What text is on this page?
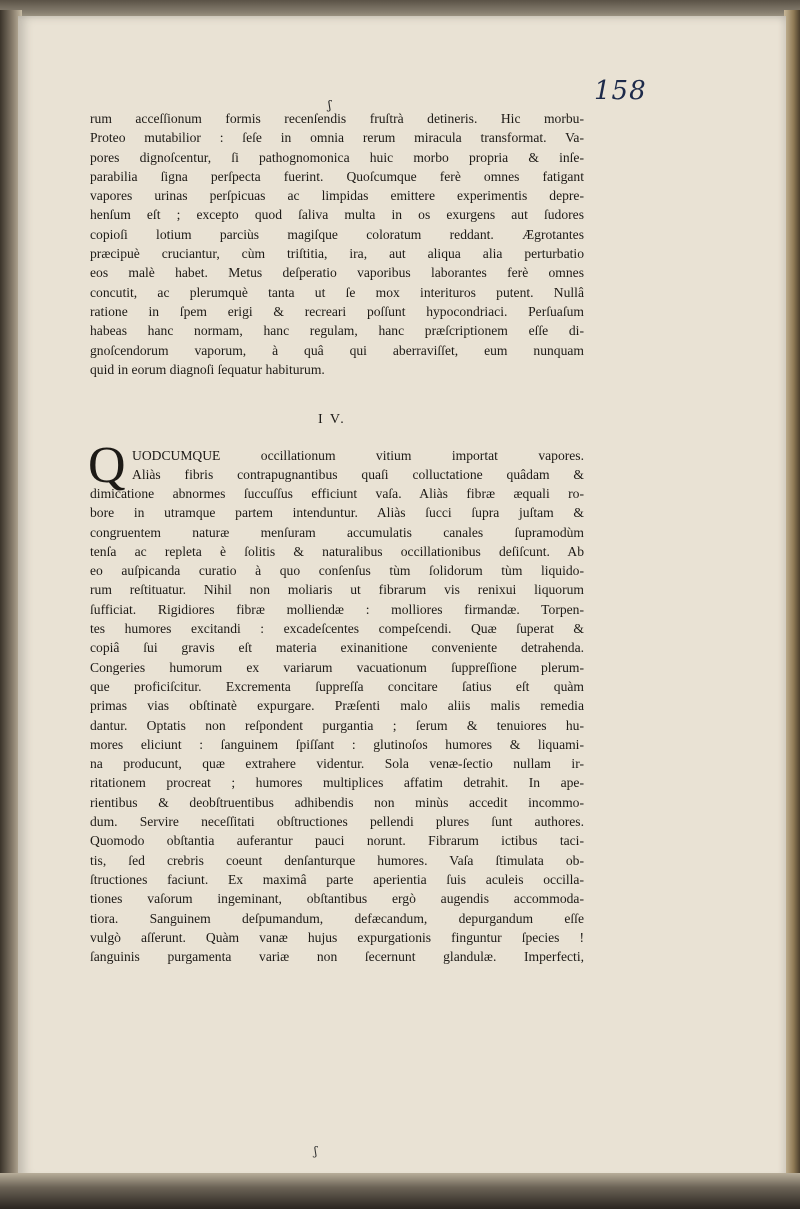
158
ʃ
rum acceſſionum formis recenſendis fruſtrà detineris. Hic morbu-
Proteo mutabilior : ſeſe in omnia rerum miracula transformat. Va-
pores dignoſcentur, ſi pathognomonica huic morbo propria & inſe-
parabilia ſigna perſpecta fuerint. Quoſcumque ferè omnes fatigant
vapores urinas perſpicuas ac limpidas emittere experimentis depre-
henſum eſt ; excepto quod ſaliva multa in os exurgens aut ſudores
copioſi lotium parciùs magiſque coloratum reddant. Ægrotantes
præcipuè cruciantur, cùm triſtitia, ira, aut aliqua alia perturbatio
eos malè habet. Metus deſperatio vaporibus laborantes ferè omnes
concutit, ac plerumquè tanta ut ſe mox interituros putent. Nullâ
ratione in ſpem erigi & recreari poſſunt hypocondriaci. Perſuaſum
habeas hanc normam, hanc regulam, hanc præſcriptionem eſſe di-
gnoſcendorum vaporum, à quâ qui aberraviſſet, eum nunquam
quid in eorum diagnoſi ſequatur habiturum.
I V.
Q UODCUMQUE occillationum vitium importat vapores.
Aliàs fibris contrapugnantibus quaſi colluctatione quâdam &
dimicatione abnormes ſuccuſſus efficiunt vaſa. Aliàs fibræ æquali ro-
bore in utramque partem intenduntur. Aliàs ſucci ſupra juſtam &
congruentem naturæ menſuram accumulatis canales ſupramodùm
tenſa ac repleta è ſolitis & naturalibus occillationibus deſiſcunt. Ab
eo auſpicanda curatio à quo conſenſus tùm ſolidorum tùm liquido-
rum reſtituatur. Nihil non moliaris ut fibrarum vis renixui liquorum
ſufficiat. Rigidiores fibræ molliendæ : molliores firmandæ. Torpen-
tes humores excitandi : excadeſcentes compeſcendi. Quæ ſuperat &
copiâ ſui gravis eſt materia exinanitione conveniente detrahenda.
Congeries humorum ex variarum vacuationum ſuppreſſione plerum-
que proficiſcitur. Excrementa ſuppreſſa concitare ſatius eſt quàm
primas vias obſtinatè expurgare. Præſenti malo aliis malis remedia
dantur. Optatis non reſpondent purgantia ; ſerum & tenuiores hu-
mores eliciunt : ſanguinem ſpiſſant : glutinoſos humores & liquami-
na producunt, quæ extrahere videntur. Sola venæ-ſectio nullam ir-
ritationem procreat ; humores multiplices affatim detrahit. In ape-
rientibus & deobſtruentibus adhibendis non minùs accedit incommo-
dum. Servire neceſſitati obſtructiones pellendi plures ſunt authores.
Quomodo obſtantia auferantur pauci norunt. Fibrarum ictibus taci-
tis, ſed crebris coeunt denſanturque humores. Vaſa ſtimulata ob-
ſtructiones faciunt. Ex maximâ parte aperientia ſuis aculeis occilla-
tiones vaſorum ingeminant, obſtantibus ergò augendis accommoda-
tiora. Sanguinem deſpumandum, defæcandum, depurgandum eſſe
vulgò aſſerunt. Quàm vanæ hujus expurgationis finguntur ſpecies !
ſanguinis purgamenta variæ non ſecernunt glandulæ. Imperfecti,
ʃ
